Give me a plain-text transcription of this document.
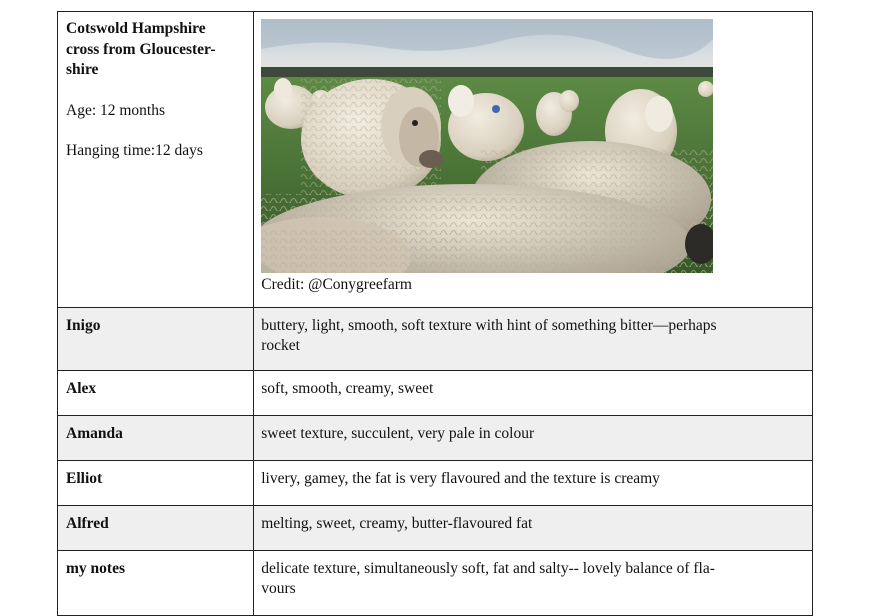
Cotswold Hampshire
cross from Gloucester-
shire

Age: 12 months

Hanging time:12 days	Credit: @Conygreefarm

Inigo	buttery, light, smooth, soft texture with hint of something bitter—perhaps
rocket
Alex	soft, smooth, creamy, sweet
Amanda	sweet texture, succulent, very pale in colour
Elliot	livery, gamey, the fat is very flavoured and the texture is creamy
Alfred	melting, sweet, creamy, butter-flavoured fat
my notes	delicate texture, simultaneously soft, fat and salty-- lovely balance of fla-
vours
